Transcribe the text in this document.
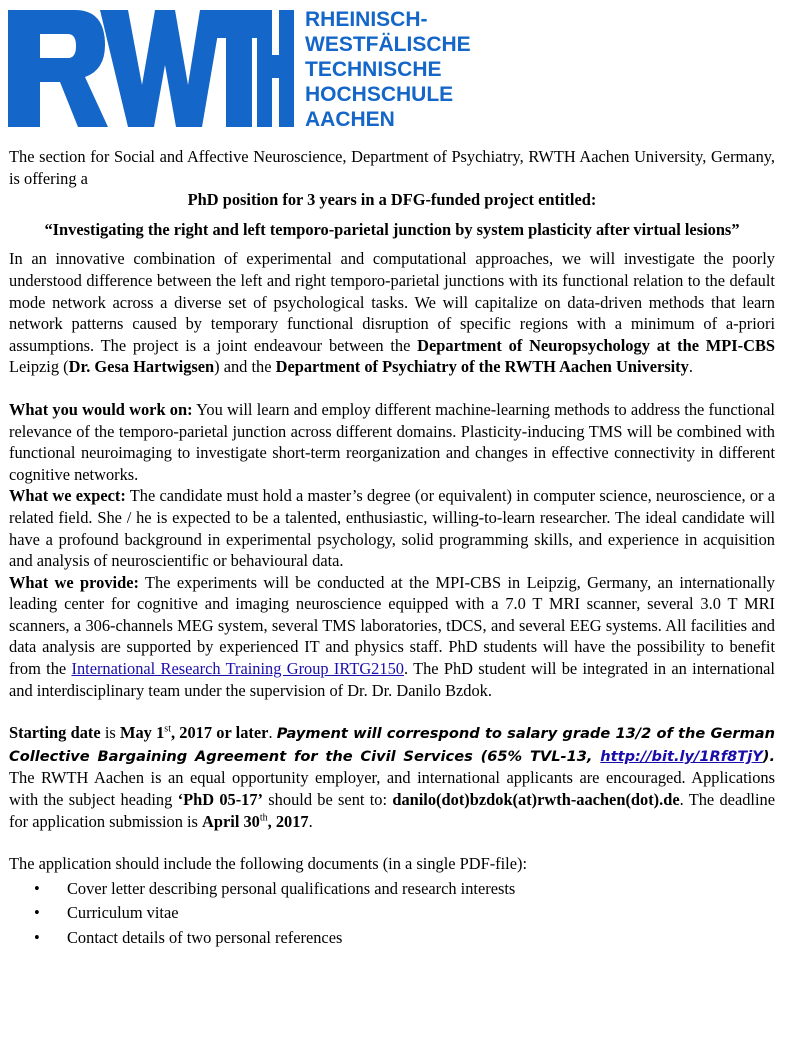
RHEINISCH-
WESTFÄLISCHE
TECHNISCHE
HOCHSCHULE
AACHEN

The section for Social and Affective Neuroscience, Department of Psychiatry, RWTH Aachen University, Germany, is offering a

PhD position for 3 years in a DFG-funded project entitled:

“Investigating the right and left temporo-parietal junction by system plasticity after virtual lesions”

In an innovative combination of experimental and computational approaches, we will investigate the poorly understood difference between the left and right temporo-parietal junctions with its functional relation to the default mode network across a diverse set of psychological tasks. We will capitalize on data-driven methods that learn network patterns caused by temporary functional disruption of specific regions with a minimum of a-priori assumptions. The project is a joint endeavour between the Department of Neuropsychology at the MPI-CBS Leipzig (Dr. Gesa Hartwigsen) and the Department of Psychiatry of the RWTH Aachen University.

What you would work on: You will learn and employ different machine-learning methods to address the functional relevance of the temporo-parietal junction across different domains. Plasticity-inducing TMS will be combined with functional neuroimaging to investigate short-term reorganization and changes in effective connectivity in different cognitive networks.

What we expect: The candidate must hold a master’s degree (or equivalent) in computer science, neuroscience, or a related field. She / he is expected to be a talented, enthusiastic, willing-to-learn researcher. The ideal candidate will have a profound background in experimental psychology, solid programming skills, and experience in acquisition and analysis of neuroscientific or behavioural data.

What we provide: The experiments will be conducted at the MPI-CBS in Leipzig, Germany, an internationally leading center for cognitive and imaging neuroscience equipped with a 7.0 T MRI scanner, several 3.0 T MRI scanners, a 306-channels MEG system, several TMS laboratories, tDCS, and several EEG systems. All facilities and data analysis are supported by experienced IT and physics staff. PhD students will have the possibility to benefit from the International Research Training Group IRTG2150. The PhD student will be integrated in an international and interdisciplinary team under the supervision of Dr. Dr. Danilo Bzdok.

Starting date is May 1st, 2017 or later. Payment will correspond to salary grade 13/2 of the German Collective Bargaining Agreement for the Civil Services (65% TVL-13, http://bit.ly/1Rf8TjY). The RWTH Aachen is an equal opportunity employer, and international applicants are encouraged. Applications with the subject heading ‘PhD 05-17’ should be sent to: danilo(dot)bzdok(at)rwth-aachen(dot).de. The deadline for application submission is April 30th, 2017.

The application should include the following documents (in a single PDF-file):

• Cover letter describing personal qualifications and research interests
• Curriculum vitae
• Contact details of two personal references
